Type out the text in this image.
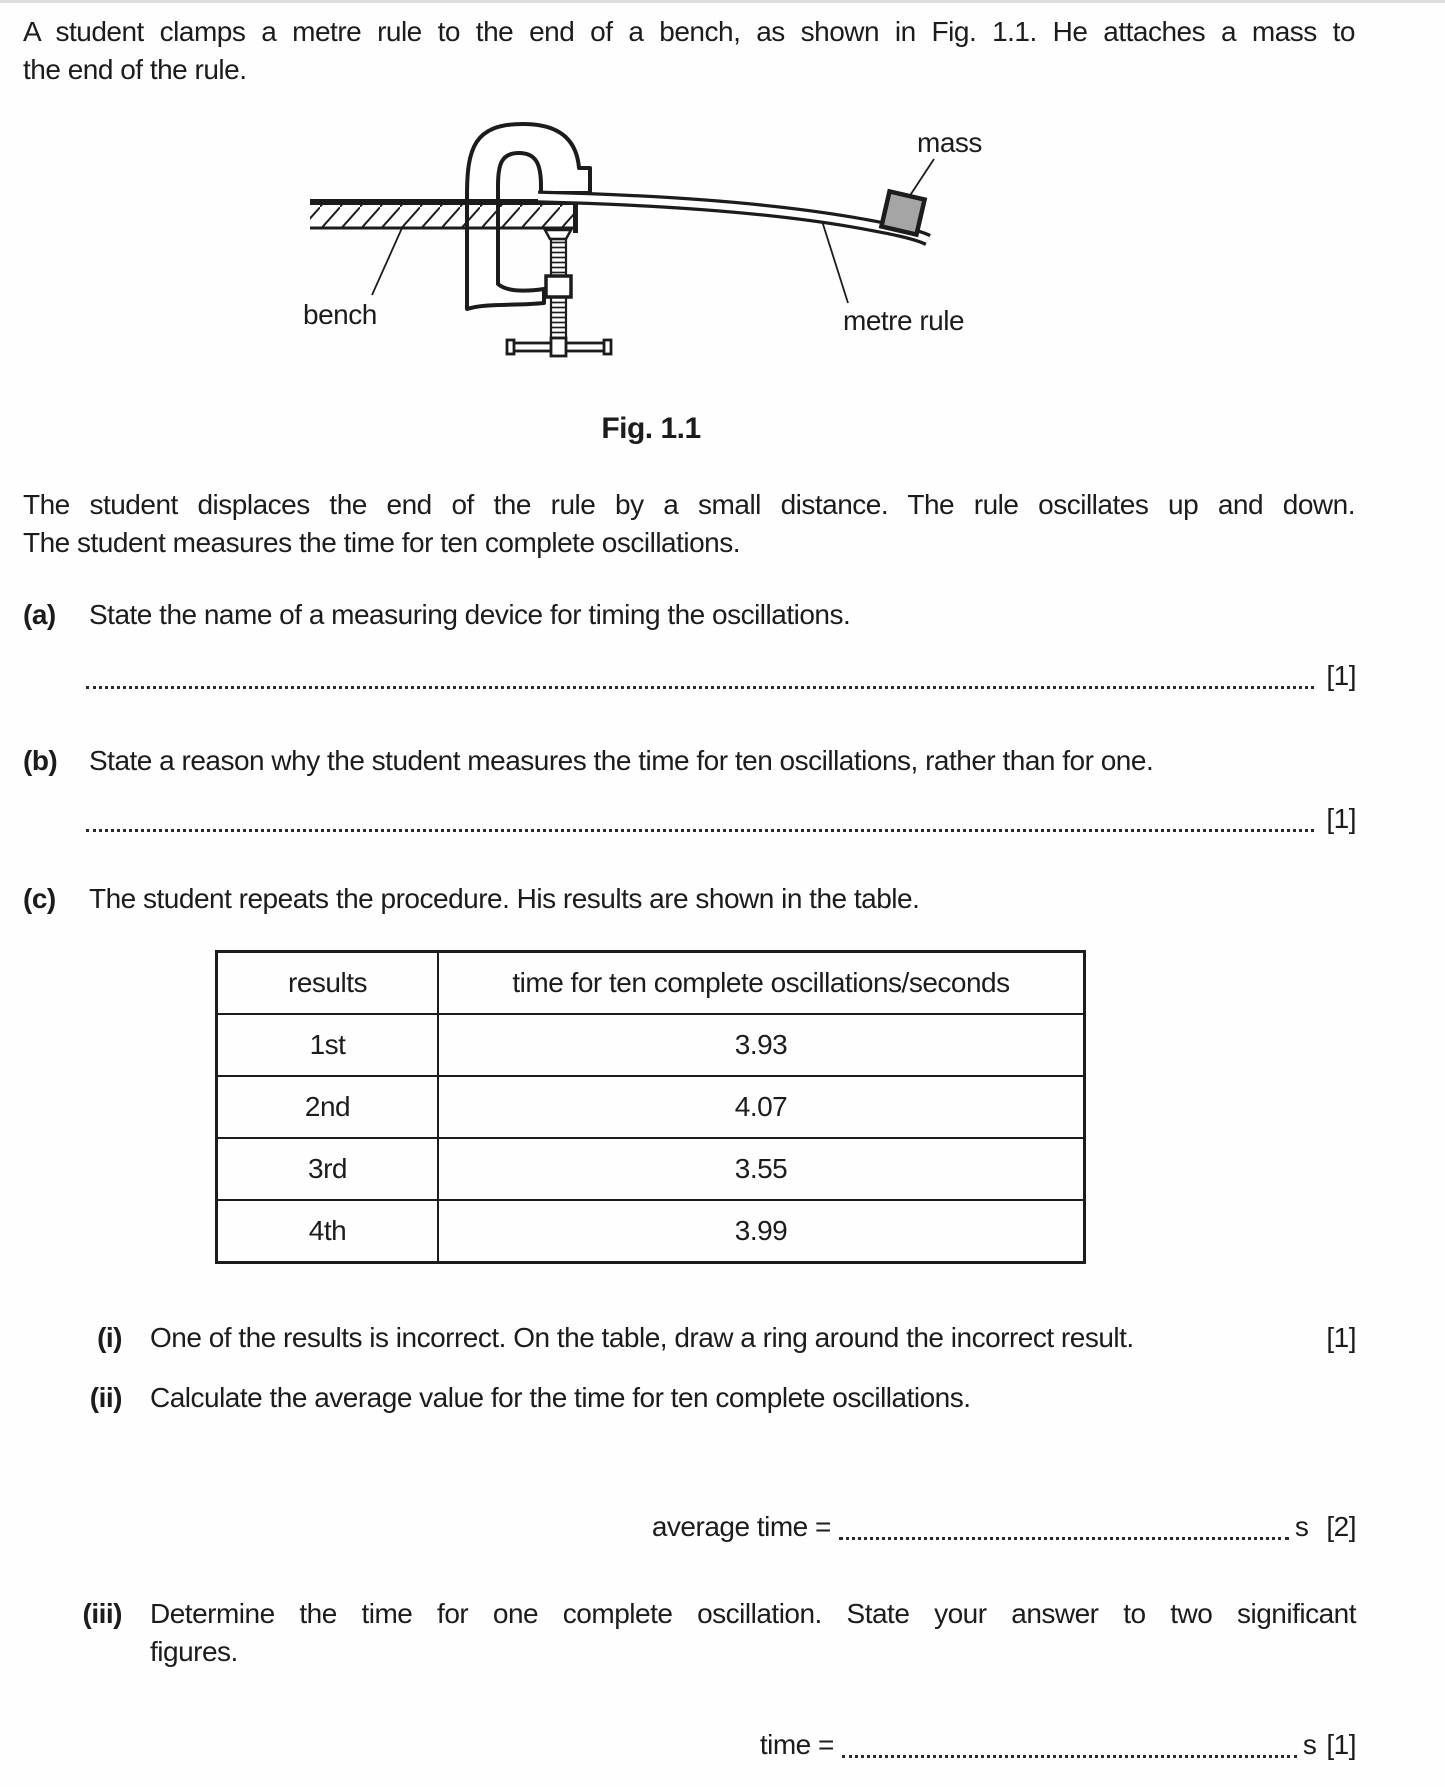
A student clamps a metre rule to the end of a bench, as shown in Fig. 1.1. He attaches a mass to
the end of the rule.
bench
mass
metre rule
Fig. 1.1
The student displaces the end of the rule by a small distance. The rule oscillates up and down.
The student measures the time for ten complete oscillations.
(a) State the name of a measuring device for timing the oscillations.
[1]
(b) State a reason why the student measures the time for ten oscillations, rather than for one.
[1]
(c) The student repeats the procedure. His results are shown in the table.
results	time for ten complete oscillations/seconds
1st	3.93
2nd	4.07
3rd	3.55
4th	3.99
(i) One of the results is incorrect. On the table, draw a ring around the incorrect result.	[1]
(ii) Calculate the average value for the time for ten complete oscillations.
average time =	s [2]
(iii) Determine the time for one complete oscillation. State your answer to two significant
figures.
time =	s [1]
